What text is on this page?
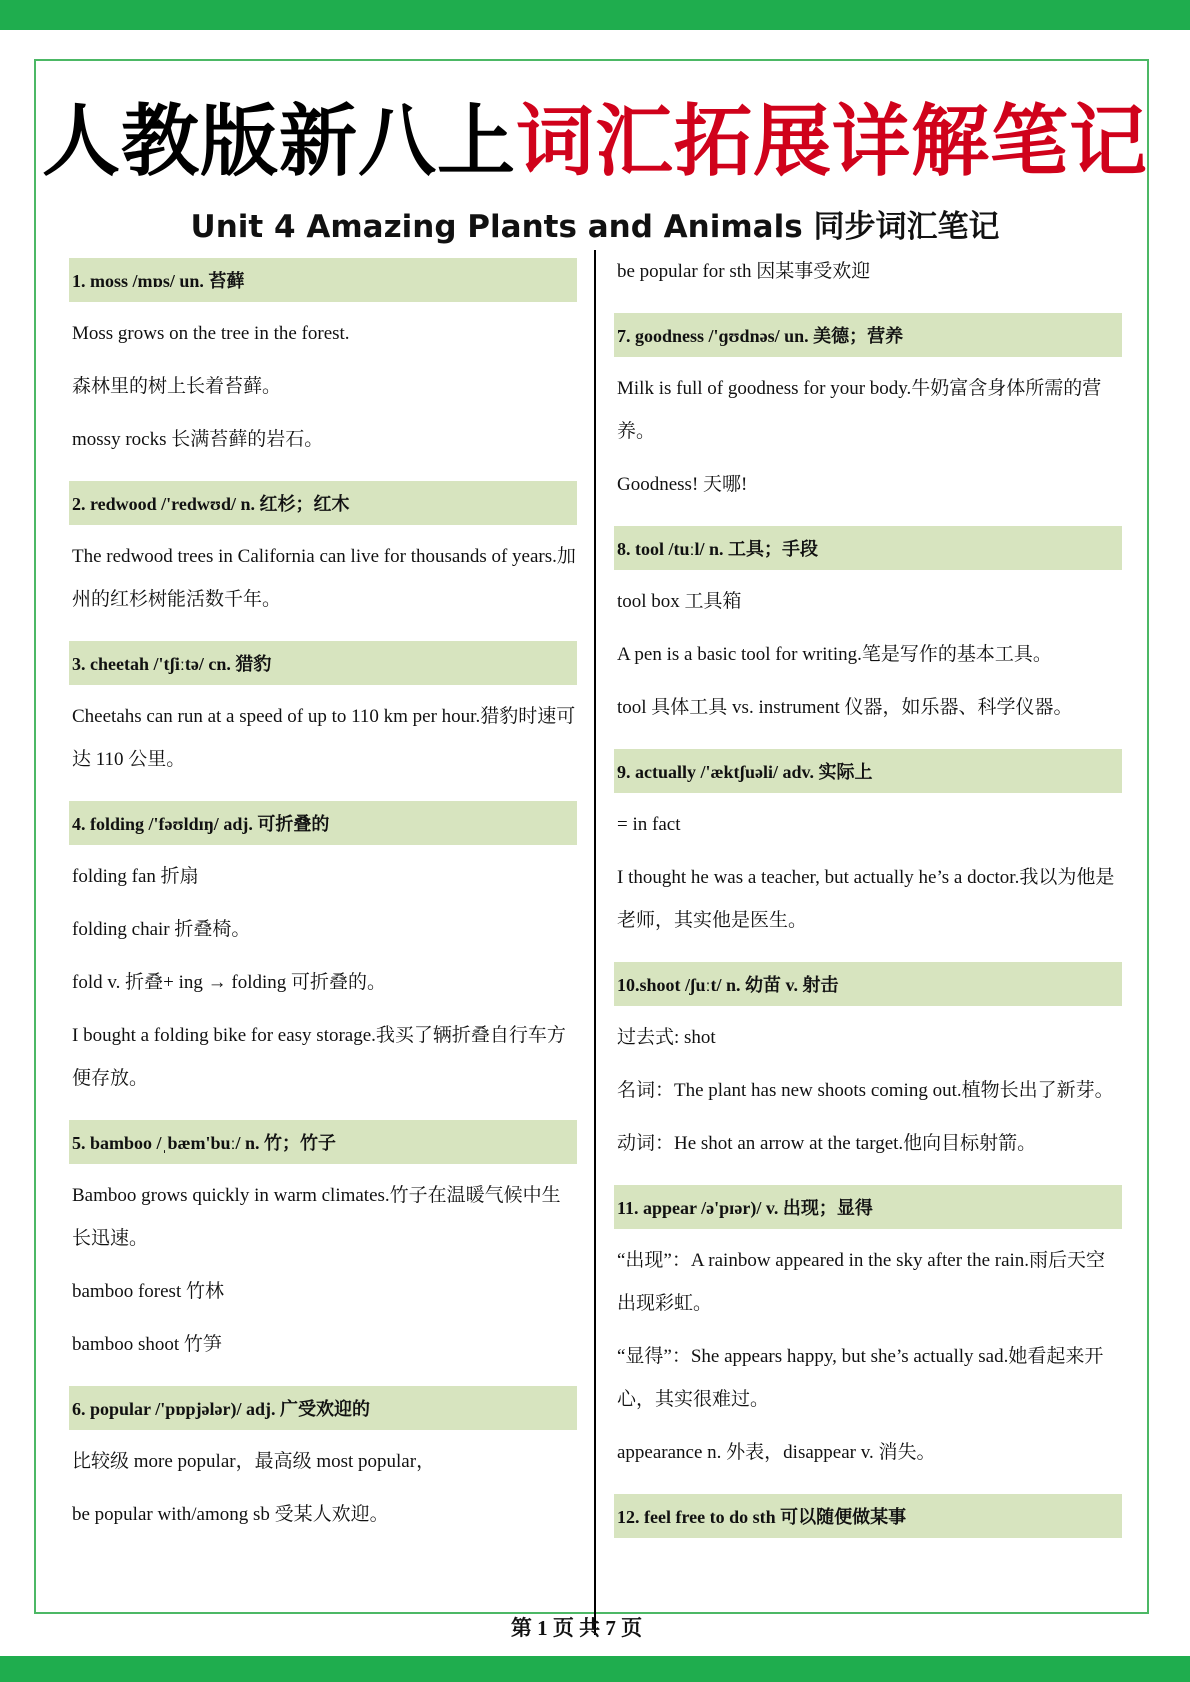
人教版新八上词汇拓展详解笔记
Unit 4 Amazing Plants and Animals 同步词汇笔记
1. moss /mɒs/ un. 苔藓
Moss grows on the tree in the forest.
森林里的树上长着苔藓。
mossy rocks 长满苔藓的岩石。
2. redwood /'redwʊd/ n. 红杉；红木
The redwood trees in California can live for thousands of years.加州的红杉树能活数千年。
3. cheetah /'tʃiːtə/ cn. 猎豹
Cheetahs can run at a speed of up to 110 km per hour.猎豹时速可达 110 公里。
4. folding /'fəʊldɪŋ/ adj. 可折叠的
folding fan 折扇
folding chair 折叠椅。
fold v. 折叠+ ing → folding 可折叠的。
I bought a folding bike for easy storage.我买了辆折叠自行车方便存放。
5. bamboo /ˌbæm'buː/ n. 竹；竹子
Bamboo grows quickly in warm climates.竹子在温暖气候中生长迅速。
bamboo forest 竹林
bamboo shoot 竹笋
6. popular /'pɒpjələr)/ adj. 广受欢迎的
比较级 more popular，最高级 most popular，
be popular with/among sb 受某人欢迎。
be popular for sth 因某事受欢迎
7. goodness /'ɡʊdnəs/ un. 美德；营养
Milk is full of goodness for your body.牛奶富含身体所需的营养。
Goodness! 天哪!
8. tool /tuːl/ n. 工具；手段
tool box 工具箱
A pen is a basic tool for writing.笔是写作的基本工具。
tool 具体工具 vs. instrument 仪器，如乐器、科学仪器。
9. actually /'æktʃuəli/ adv. 实际上
= in fact
I thought he was a teacher, but actually he’s a doctor.我以为他是老师，其实他是医生。
10.shoot /ʃuːt/ n. 幼苗 v. 射击
过去式: shot
名词：The plant has new shoots coming out.植物长出了新芽。
动词：He shot an arrow at the target.他向目标射箭。
11. appear /ə'pɪər)/ v. 出现；显得
“出现”：A rainbow appeared in the sky after the rain.雨后天空出现彩虹。
“显得”：She appears happy, but she’s actually sad.她看起来开心，其实很难过。
appearance n. 外表，disappear v. 消失。
12. feel free to do sth 可以随便做某事
第 1 页 共 7 页
